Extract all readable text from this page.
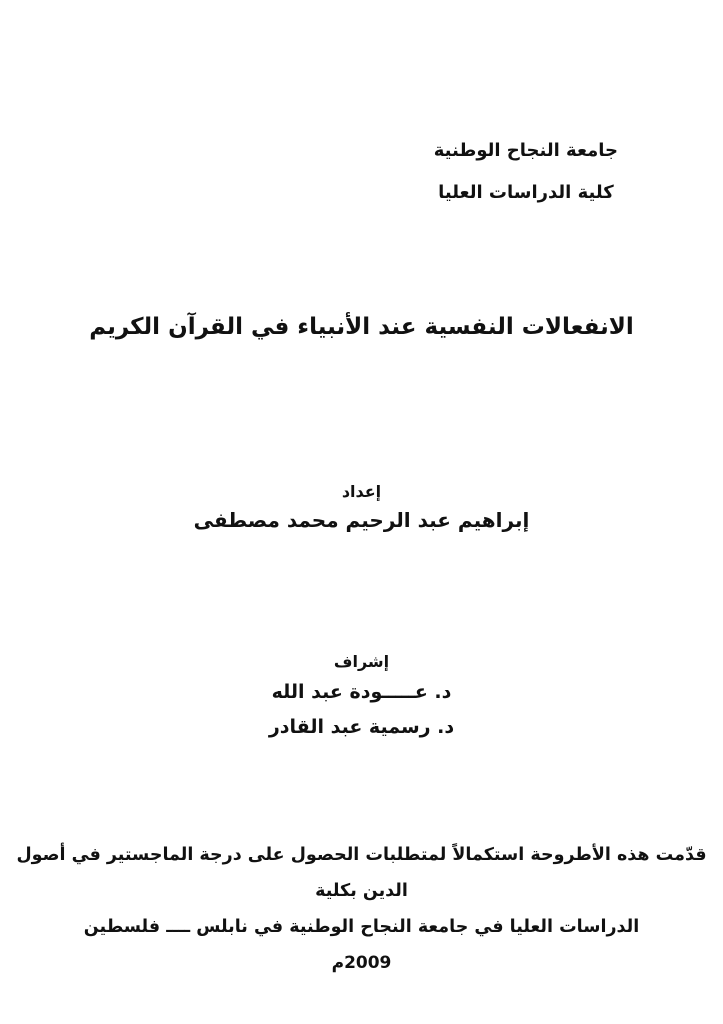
جامعة النجاح الوطنية
كلية الدراسات العليا
الانفعالات النفسية عند الأنبياء في القرآن الكريم
إعداد
إبراهيم عبد الرحيم محمد مصطفى
إشراف
د. عـــــودة عبد الله
د. رسمية عبد القادر
قدّمت هذه الأطروحة استكمالاً لمتطلبات الحصول على درجة الماجستير في أصول الدين بكلية
الدراسات العليا في جامعة النجاح الوطنية في نابلس ــــ فلسطين
2009م
